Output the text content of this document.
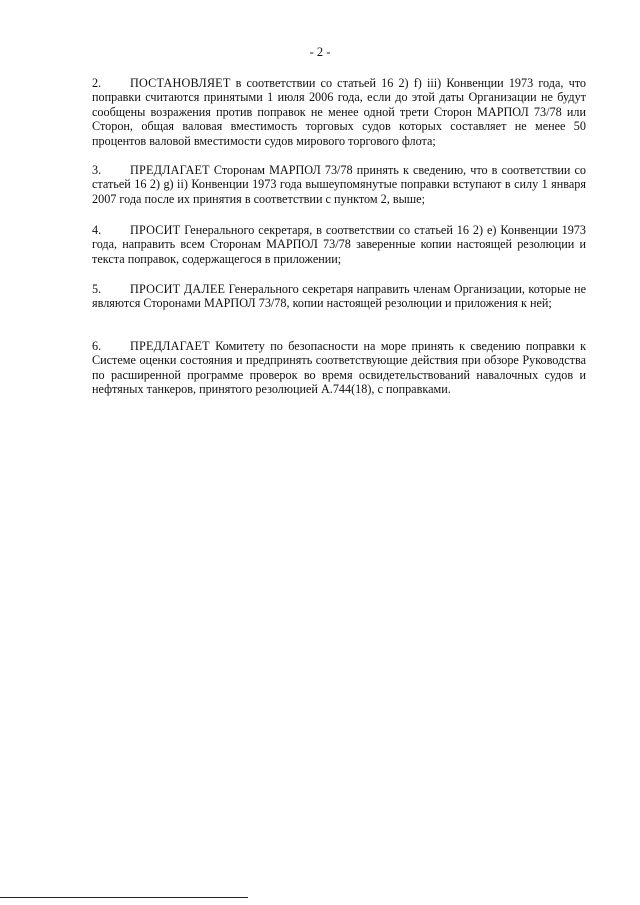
- 2 -
2. ПОСТАНОВЛЯЕТ в соответствии со статьей 16 2) f) iii) Конвенции 1973 года, что поправки считаются принятыми 1 июля 2006 года, если до этой даты Организации не будут сообщены возражения против поправок не менее одной трети Сторон МАРПОЛ 73/78 или Сторон, общая валовая вместимость торговых судов которых составляет не менее 50 процентов валовой вместимости судов мирового торгового флота;
3. ПРЕДЛАГАЕТ Сторонам МАРПОЛ 73/78 принять к сведению, что в соответствии со статьей 16 2) g) ii) Конвенции 1973 года вышеупомянутые поправки вступают в силу 1 января 2007 года после их принятия в соответствии с пунктом 2, выше;
4. ПРОСИТ Генерального секретаря, в соответствии со статьей 16 2) e) Конвенции 1973 года, направить всем Сторонам МАРПОЛ 73/78 заверенные копии настоящей резолюции и текста поправок, содержащегося в приложении;
5. ПРОСИТ ДАЛЕЕ Генерального секретаря направить членам Организации, которые не являются Сторонами МАРПОЛ 73/78, копии настоящей резолюции и приложения к ней;
6. ПРЕДЛАГАЕТ Комитету по безопасности на море принять к сведению поправки к Системе оценки состояния и предпринять соответствующие действия при обзоре Руководства по расширенной программе проверок во время освидетельствований навалочных судов и нефтяных танкеров, принятого резолюцией А.744(18), с поправками.
